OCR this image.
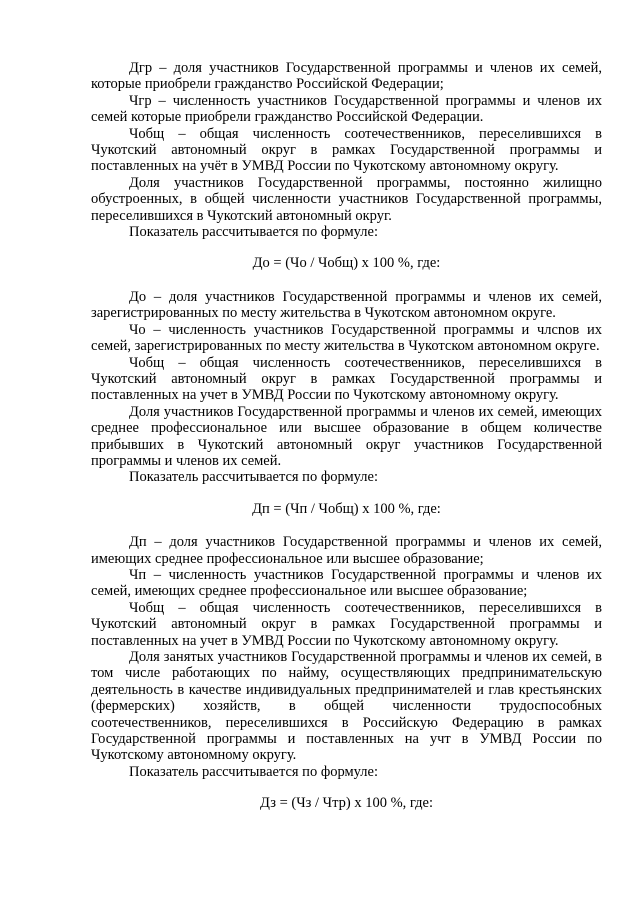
Дгр – доля участников Государственной программы и членов их семей, которые приобрели гражданство Российской Федерации;

Чгр – численность участников Государственной программы и членов их семей которые приобрели гражданство Российской Федерации.

Чобщ – общая численность соотечественников, переселившихся в Чукотский автономный округ в рамках Государственной программы и поставленных на учёт в УМВД России по Чукотскому автономному округу.

Доля участников Государственной программы, постоянно жилищно обустроенных, в общей численности участников Государственной программы, переселившихся в Чукотский автономный округ.

Показатель рассчитывается по формуле:

До = (Чо / Чобщ) х 100 %, где:

До – доля участников Государственной программы и членов их семей, зарегистрированных по месту жительства в Чукотском автономном округе.

Чо – численность участников Государственной программы и члсnов их семей, зарегистрированных по месту жительства в Чукотском автономном округе.

Чобщ – общая численность соотечественников, переселившихся в Чукотский автономный округ в рамках Государственной программы и поставленных на учет в УМВД России по Чукотскому автономному округу.

Доля участников Государственной программы и членов их семей, имеющих среднее профессиональное или высшее образование в общем количестве прибывших в Чукотский автономный округ участников Государственной программы и членов их семей.

Показатель рассчитывается по формуле:

Дп = (Чп / Чобщ) х 100 %, где:

Дп – доля участников Государственной программы и членов их семей, имеющих среднее профессиональное или высшее образование;

Чп – численность участников Государственной программы и членов их семей, имеющих среднее профессиональное или высшее образование;

Чобщ – общая численность соотечественников, переселившихся в Чукотский автономный округ в рамках Государственной программы и поставленных на учет в УМВД России по Чукотскому автономному округу.

Доля занятых участников Государственной программы и членов их семей, в том числе работающих по найму, осуществляющих предпринимательскую деятельность в качестве индивидуальных предпринимателей и глав крестьянских (фермерских) хозяйств, в общей численности трудоспособных соотечественников, переселившихся в Российскую Федерацию в рамках Государственной программы и поставленных на учт в УМВД России по Чукотскому автономному округу.

Показатель рассчитывается по формуле:

Дз = (Чз / Чтр) х 100 %, где:
